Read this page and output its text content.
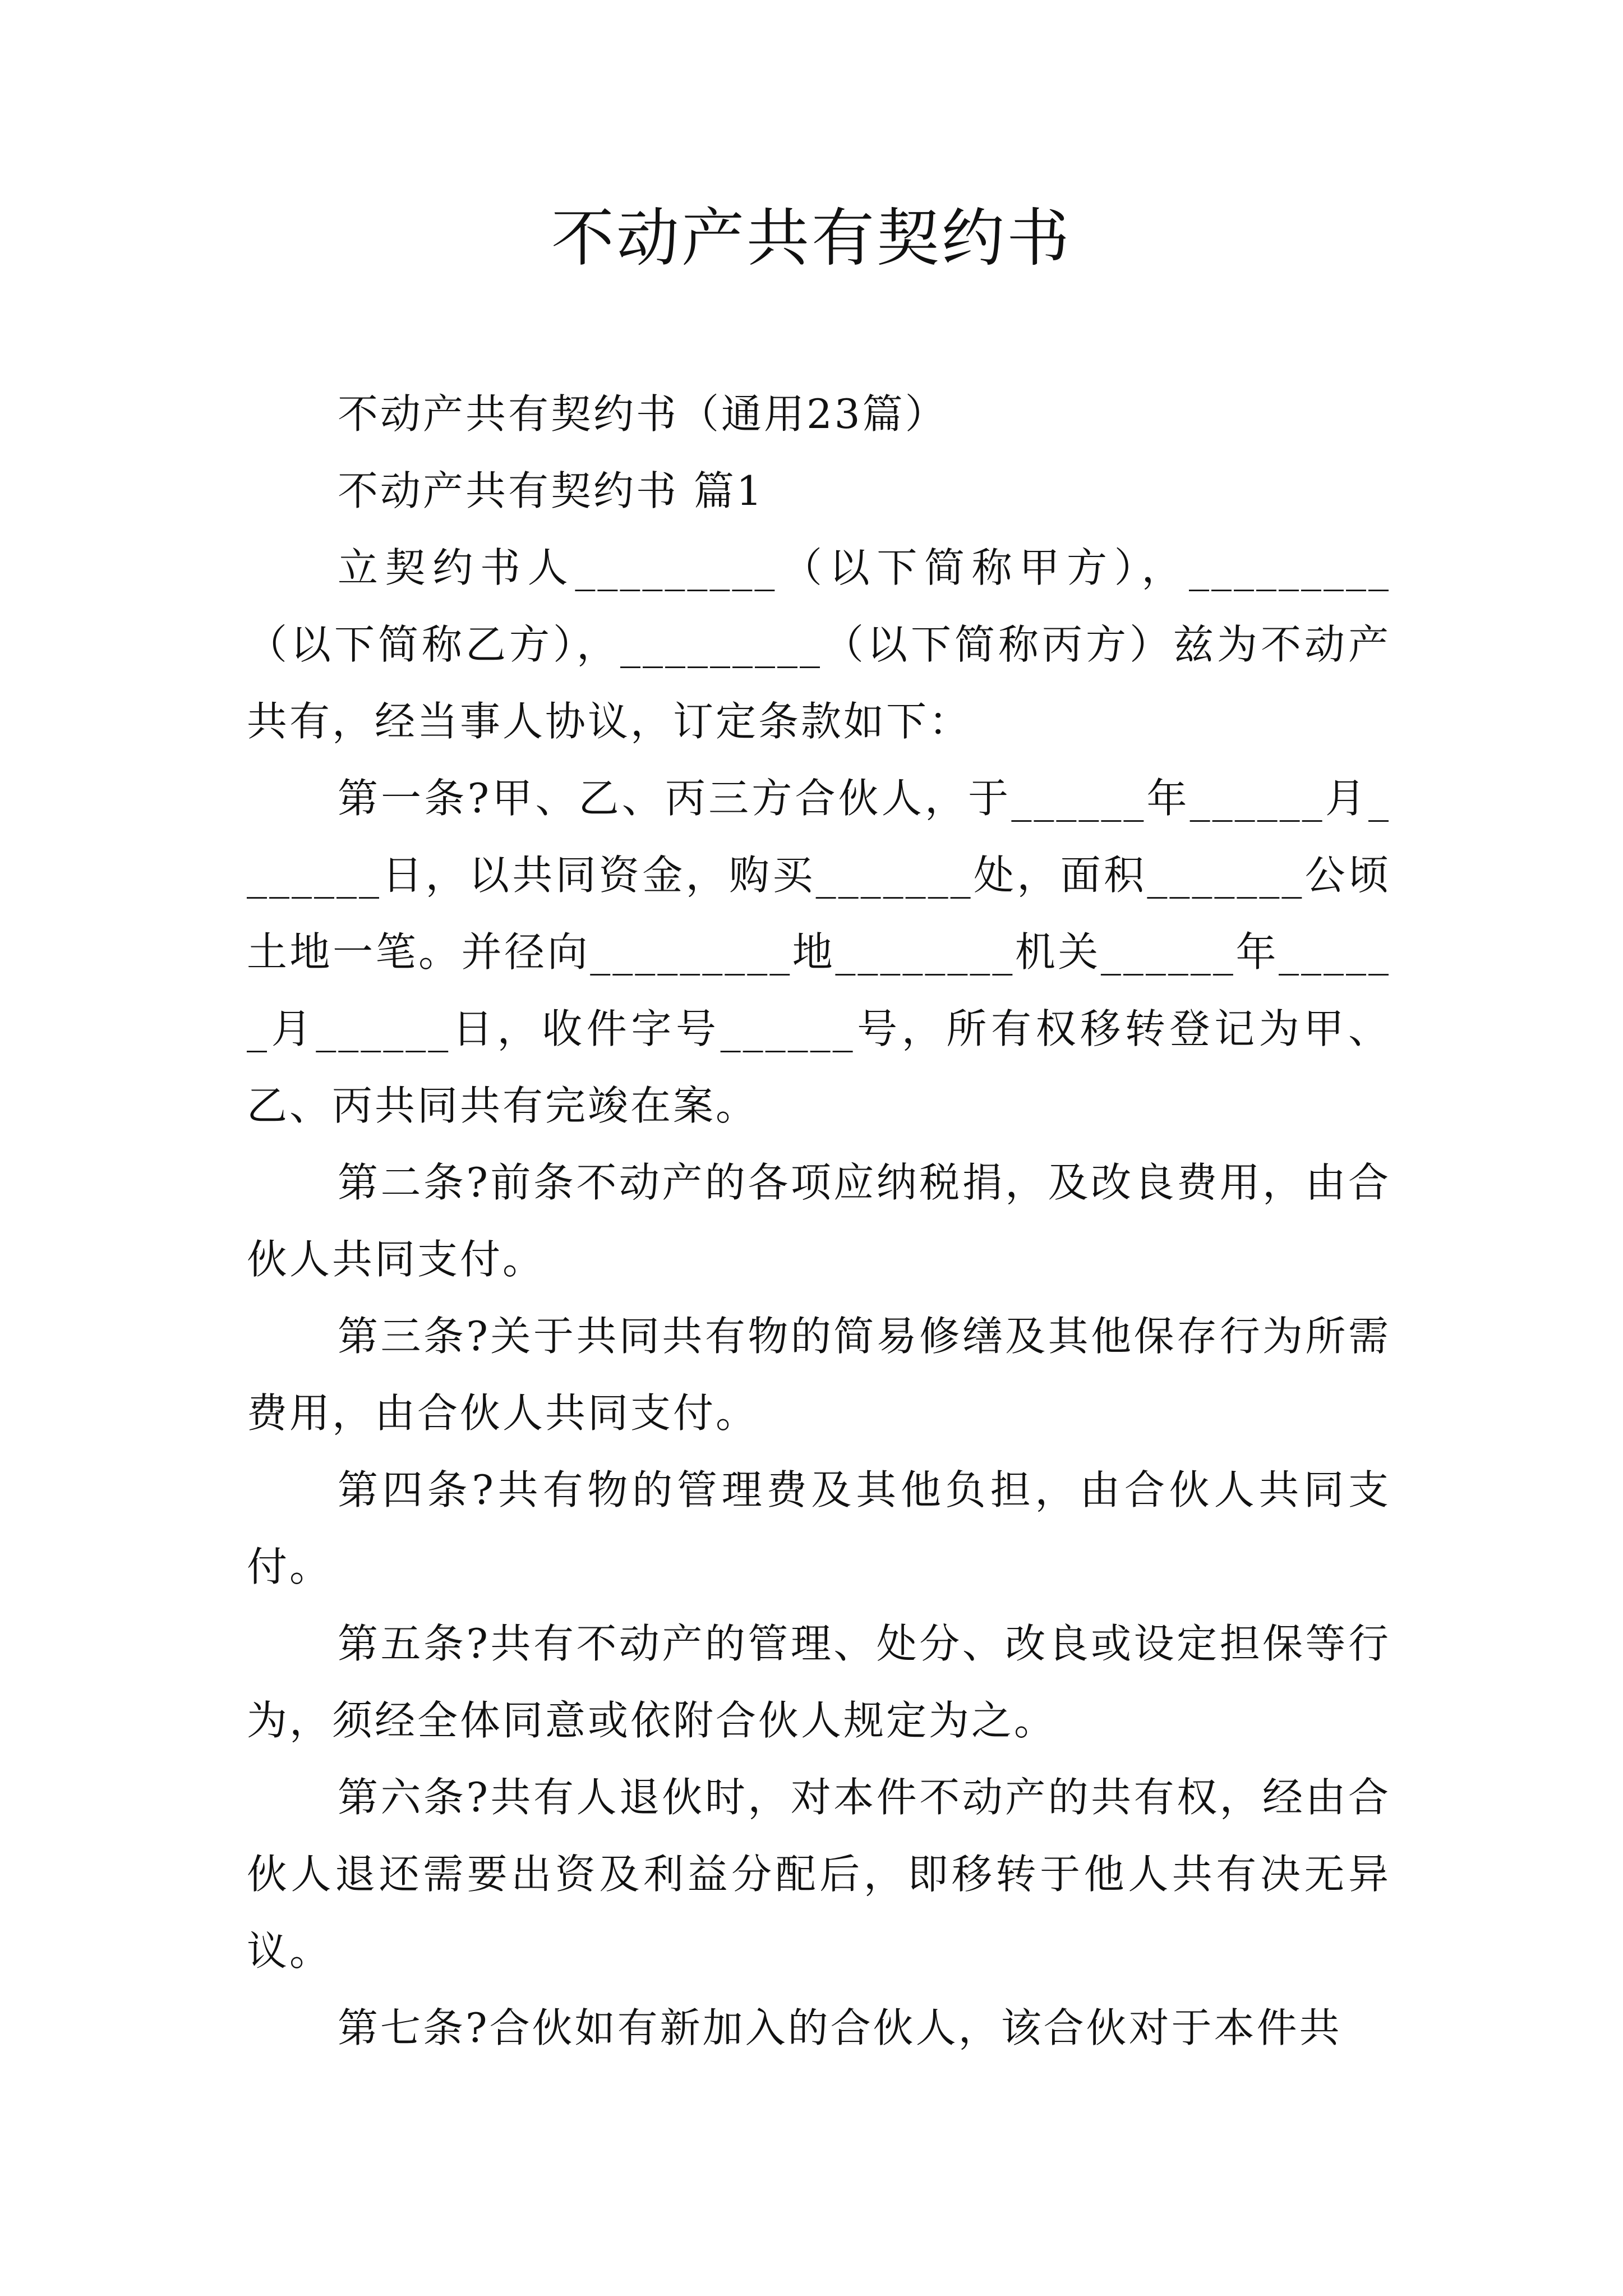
不动产共有契约书

不动产共有契约书（通用23篇）

不动产共有契约书 篇1

立契约书人_________（以下简称甲方），_________（以下简称乙方），_________（以下简称丙方）兹为不动产共有，经当事人协议，订定条款如下：

第一条?甲、乙、丙三方合伙人，于______年______月_______日，以共同资金，购买_______处，面积_______公顷土地一笔。并径向_________地________机关______年______月______日，收件字号______号，所有权移转登记为甲、乙、丙共同共有完竣在案。

第二条?前条不动产的各项应纳税捐，及改良费用，由合伙人共同支付。

第三条?关于共同共有物的简易修缮及其他保存行为所需费用，由合伙人共同支付。

第四条?共有物的管理费及其他负担，由合伙人共同支付。

第五条?共有不动产的管理、处分、改良或设定担保等行为，须经全体同意或依附合伙人规定为之。

第六条?共有人退伙时，对本件不动产的共有权，经由合伙人退还需要出资及利益分配后，即移转于他人共有决无异议。

第七条?合伙如有新加入的合伙人，该合伙对于本件共
